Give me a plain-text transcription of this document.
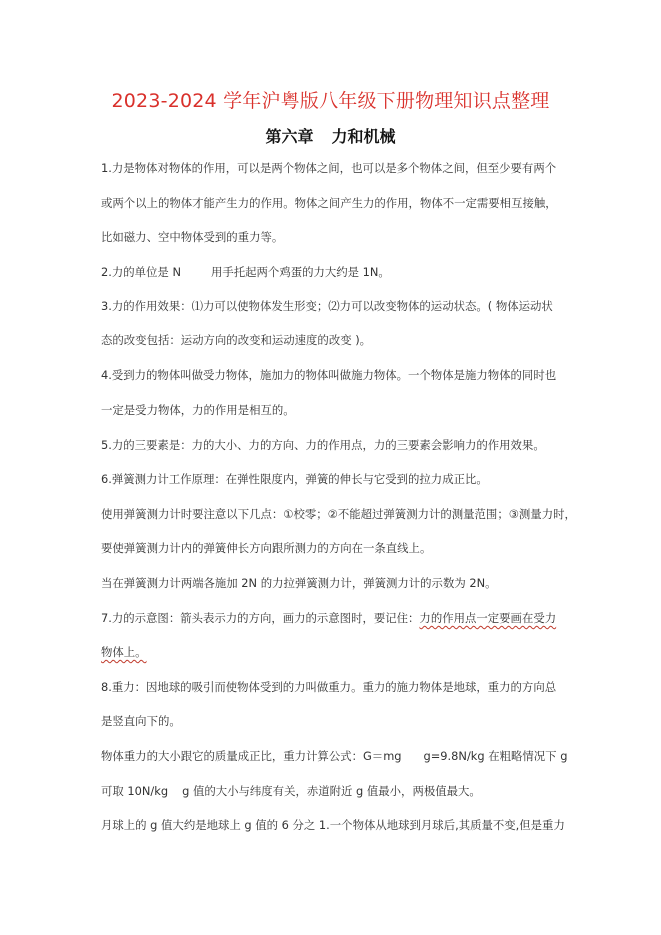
2023-2024 学年沪粤版八年级下册物理知识点整理
第六章 力和机械
1.力是物体对物体的作用，可以是两个物体之间，也可以是多个物体之间，但至少要有两个
或两个以上的物体才能产生力的作用。物体之间产生力的作用，物体不一定需要相互接触，
比如磁力、空中物体受到的重力等。
2.力的单位是 N	用手托起两个鸡蛋的力大约是 1N。
3.力的作用效果：⑴力可以使物体发生形变；⑵力可以改变物体的运动状态。( 物体运动状
态的改变包括：运动方向的改变和运动速度的改变 )。
4.受到力的物体叫做受力物体，施加力的物体叫做施力物体。一个物体是施力物体的同时也
一定是受力物体，力的作用是相互的。
5.力的三要素是：力的大小、力的方向、力的作用点，力的三要素会影响力的作用效果。
6.弹簧测力计工作原理：在弹性限度内，弹簧的伸长与它受到的拉力成正比。
使用弹簧测力计时要注意以下几点：①校零；②不能超过弹簧测力计的测量范围；③测量力时，
要使弹簧测力计内的弹簧伸长方向跟所测力的方向在一条直线上。
当在弹簧测力计两端各施加 2N 的力拉弹簧测力计，弹簧测力计的示数为 2N。
7.力的示意图：箭头表示力的方向，画力的示意图时，要记住：力的作用点一定要画在受力
物体上。
8.重力：因地球的吸引而使物体受到的力叫做重力。重力的施力物体是地球，重力的方向总
是竖直向下的。
物体重力的大小跟它的质量成正比，重力计算公式：G＝mg g=9.8N/kg 在粗略情况下 g
可取 10N/kg g 值的大小与纬度有关，赤道附近 g 值最小，两极值最大。
月球上的 g 值大约是地球上 g 值的 6 分之 1.一个物体从地球到月球后,其质量不变,但是重力
